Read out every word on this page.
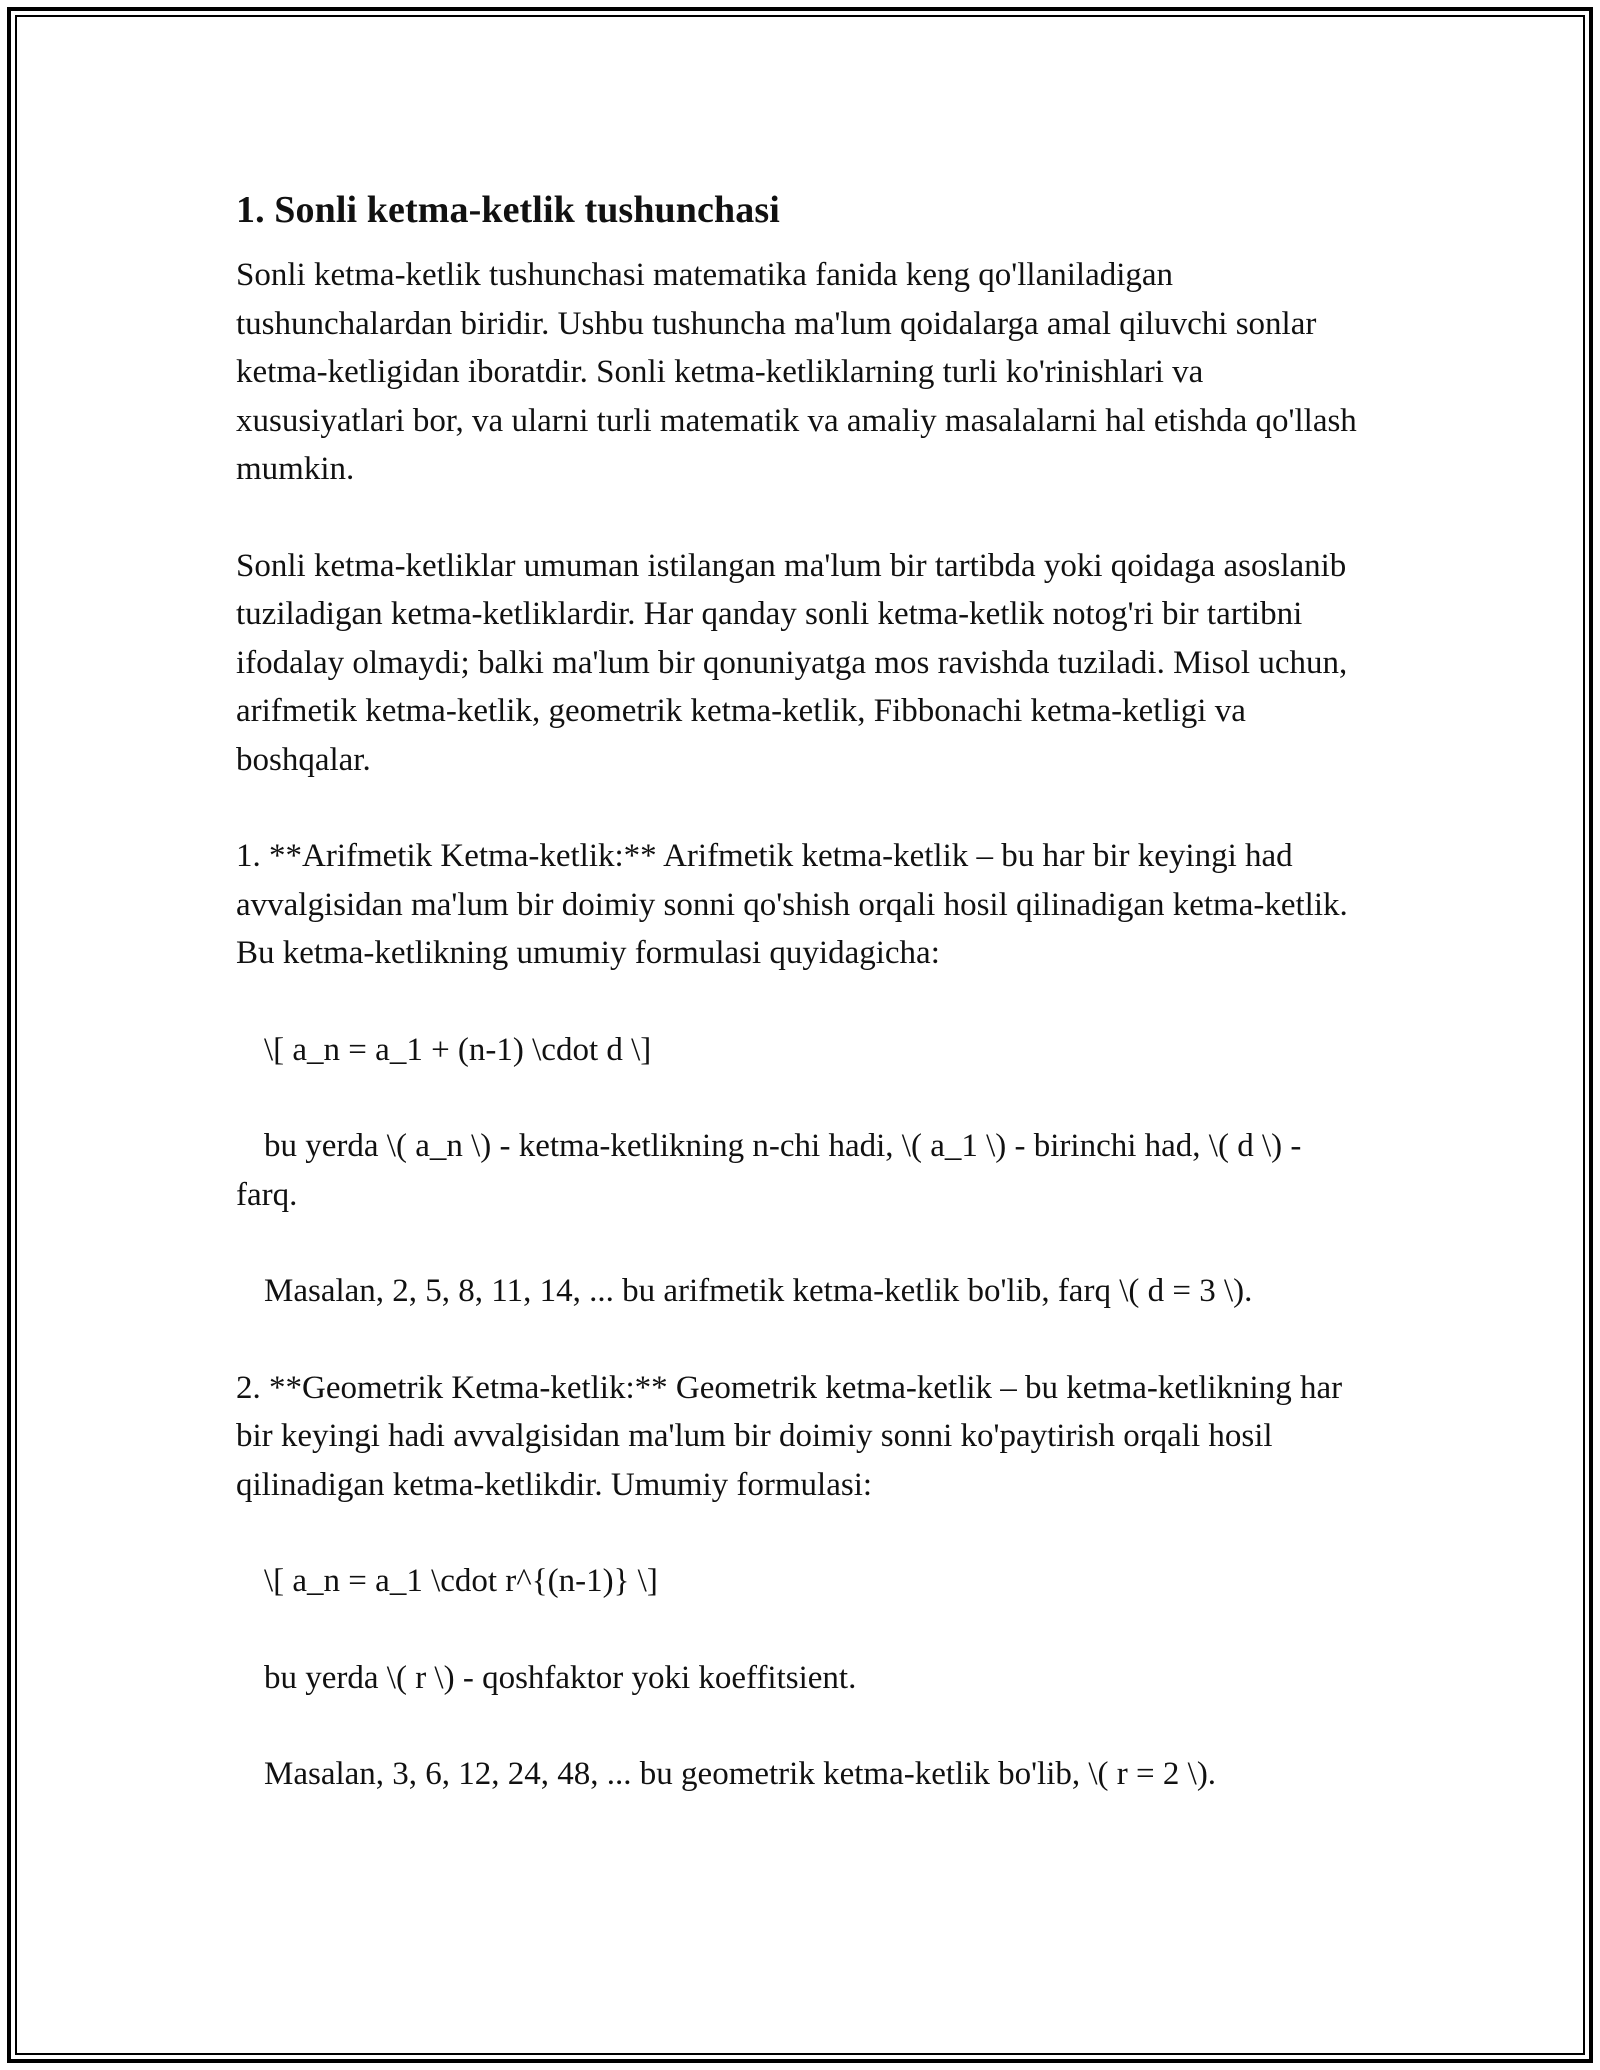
1. Sonli ketma-ketlik tushunchasi

Sonli ketma-ketlik tushunchasi matematika fanida keng qo'llaniladigan tushunchalardan biridir. Ushbu tushuncha ma'lum qoidalarga amal qiluvchi sonlar ketma-ketligidan iboratdir. Sonli ketma-ketliklarning turli ko'rinishlari va xususiyatlari bor, va ularni turli matematik va amaliy masalalarni hal etishda qo'llash mumkin.

Sonli ketma-ketliklar umuman istilangan ma'lum bir tartibda yoki qoidaga asoslanib tuziladigan ketma-ketliklardir. Har qanday sonli ketma-ketlik notog'ri bir tartibni ifodalay olmaydi; balki ma'lum bir qonuniyatga mos ravishda tuziladi. Misol uchun, arifmetik ketma-ketlik, geometrik ketma-ketlik, Fibbonachi ketma-ketligi va boshqalar.

1. **Arifmetik Ketma-ketlik:** Arifmetik ketma-ketlik – bu har bir keyingi had avvalgisidan ma'lum bir doimiy sonni qo'shish orqali hosil qilinadigan ketma-ketlik. Bu ketma-ketlikning umumiy formulasi quyidagicha:

\[ a_n = a_1 + (n-1) \cdot d \]

bu yerda \( a_n \) - ketma-ketlikning n-chi hadi, \( a_1 \) - birinchi had, \( d \) - farq.

Masalan, 2, 5, 8, 11, 14, ... bu arifmetik ketma-ketlik bo'lib, farq \( d = 3 \).

2. **Geometrik Ketma-ketlik:** Geometrik ketma-ketlik – bu ketma-ketlikning har bir keyingi hadi avvalgisidan ma'lum bir doimiy sonni ko'paytirish orqali hosil qilinadigan ketma-ketlikdir. Umumiy formulasi:

\[ a_n = a_1 \cdot r^{(n-1)} \]

bu yerda \( r \) - qoshfaktor yoki koeffitsient.

Masalan, 3, 6, 12, 24, 48, ... bu geometrik ketma-ketlik bo'lib, \( r = 2 \).
